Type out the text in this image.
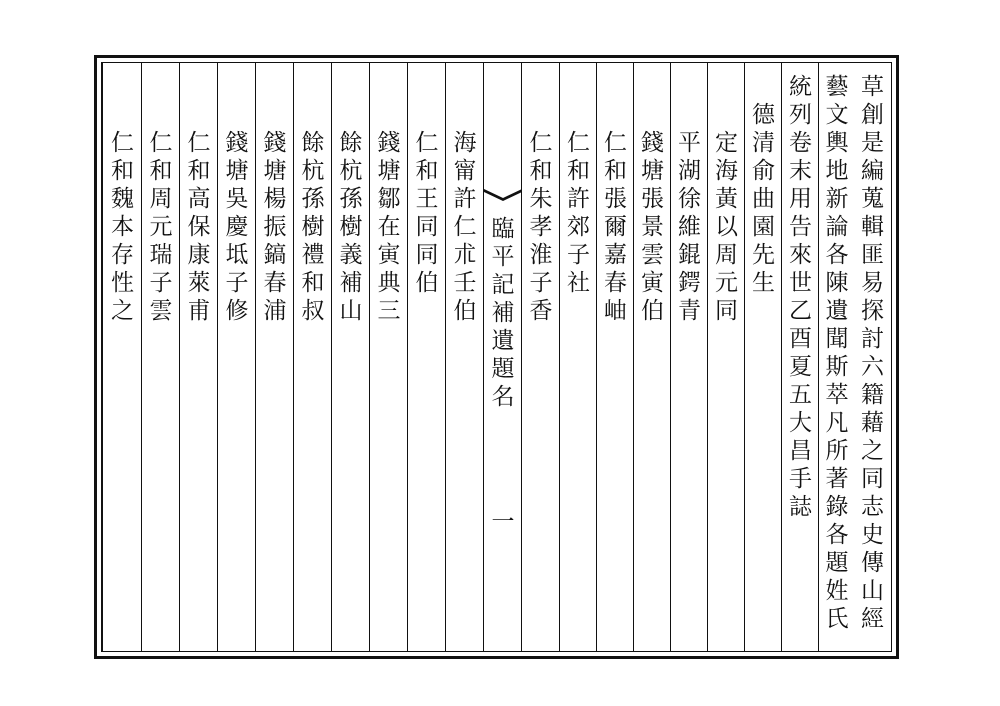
草
創
是
編
蒐
輯
匪
易
探
討
六
籍
藉
之
同
志
史
傳
山
經
藝
文
輿
地
新
論
各
陳
遺
聞
斯
萃
凡
所
著
錄
各
題
姓
氏
統
列
卷
末
用
告
來
世
乙
酉
夏
五
大
昌
手
誌
德
清
俞
曲
園
先
生
定
海
黃
以
周
元
同
平
湖
徐
維
錕
鍔
青
錢
塘
張
景
雲
寅
伯
仁
和
張
爾
嘉
春
岫
仁
和
許
郊
子
社
仁
和
朱
孝
淮
子
香
臨
平
記
補
遺
題
名
一
海
甯
許
仁
朮
壬
伯
仁
和
王
同
同
伯
錢
塘
鄒
在
寅
典
三
餘
杭
孫
樹
義
補
山
餘
杭
孫
樹
禮
和
叔
錢
塘
楊
振
鎬
春
浦
錢
塘
吳
慶
坻
子
修
仁
和
高
保
康
萊
甫
仁
和
周
元
瑞
子
雲
仁
和
魏
本
存
性
之
